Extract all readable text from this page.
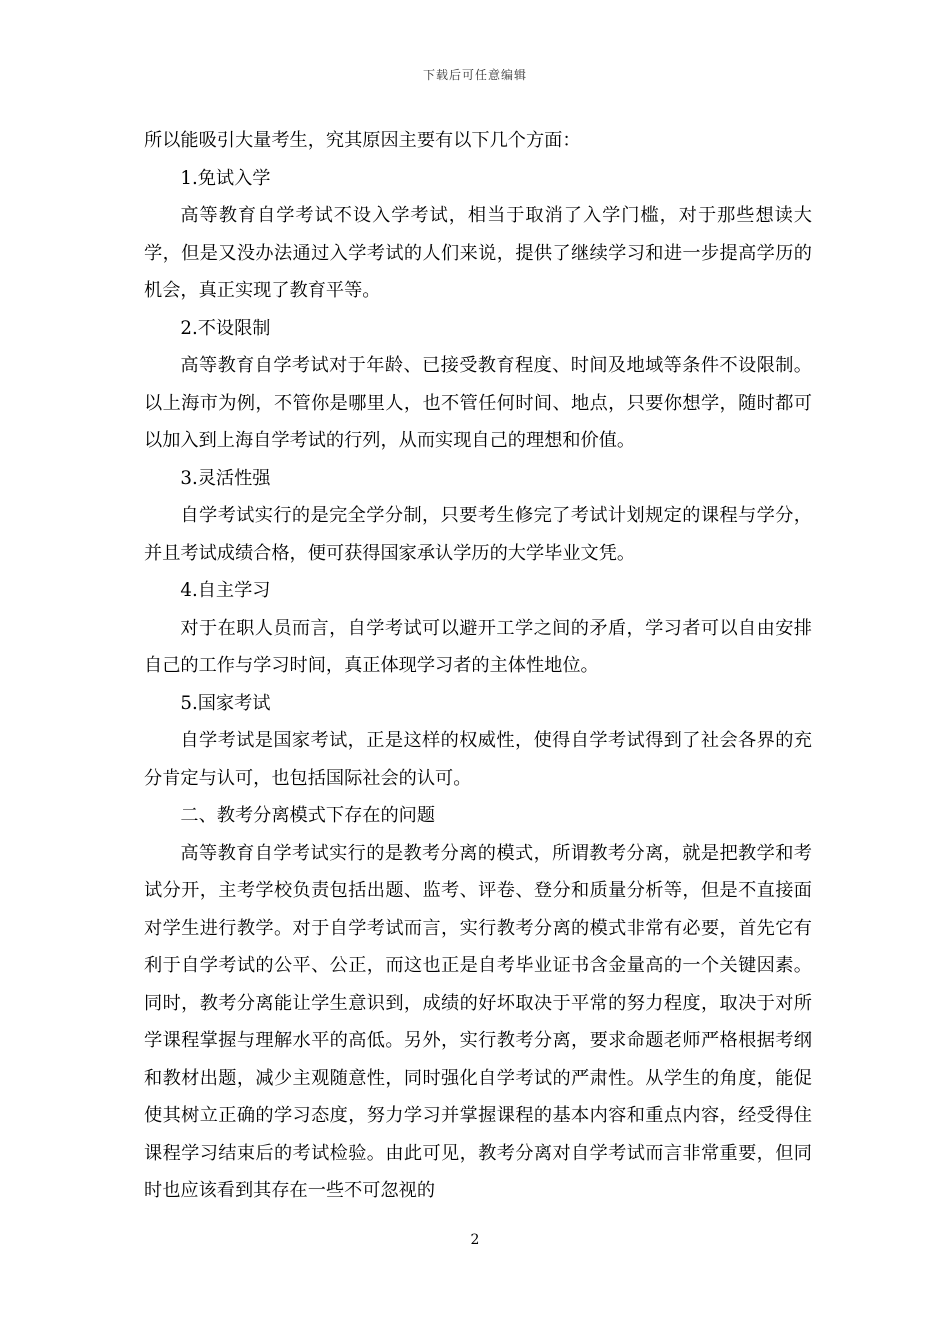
下载后可任意编辑

所以能吸引大量考生，究其原因主要有以下几个方面：

1.免试入学

高等教育自学考试不设入学考试，相当于取消了入学门槛，对于那些想读大学，但是又没办法通过入学考试的人们来说，提供了继续学习和进一步提高学历的机会，真正实现了教育平等。

2.不设限制

高等教育自学考试对于年龄、已接受教育程度、时间及地域等条件不设限制。以上海市为例，不管你是哪里人，也不管任何时间、地点，只要你想学，随时都可以加入到上海自学考试的行列，从而实现自己的理想和价值。

3.灵活性强

自学考试实行的是完全学分制，只要考生修完了考试计划规定的课程与学分，并且考试成绩合格，便可获得国家承认学历的大学毕业文凭。

4.自主学习

对于在职人员而言，自学考试可以避开工学之间的矛盾，学习者可以自由安排自己的工作与学习时间，真正体现学习者的主体性地位。

5.国家考试

自学考试是国家考试，正是这样的权威性，使得自学考试得到了社会各界的充分肯定与认可，也包括国际社会的认可。

二、教考分离模式下存在的问题

高等教育自学考试实行的是教考分离的模式，所谓教考分离，就是把教学和考试分开，主考学校负责包括出题、监考、评卷、登分和质量分析等，但是不直接面对学生进行教学。对于自学考试而言，实行教考分离的模式非常有必要，首先它有利于自学考试的公平、公正，而这也正是自考毕业证书含金量高的一个关键因素。同时，教考分离能让学生意识到，成绩的好坏取决于平常的努力程度，取决于对所学课程掌握与理解水平的高低。另外，实行教考分离，要求命题老师严格根据考纲和教材出题，减少主观随意性，同时强化自学考试的严肃性。从学生的角度，能促使其树立正确的学习态度，努力学习并掌握课程的基本内容和重点内容，经受得住课程学习结束后的考试检验。由此可见，教考分离对自学考试而言非常重要，但同时也应该看到其存在一些不可忽视的

2
